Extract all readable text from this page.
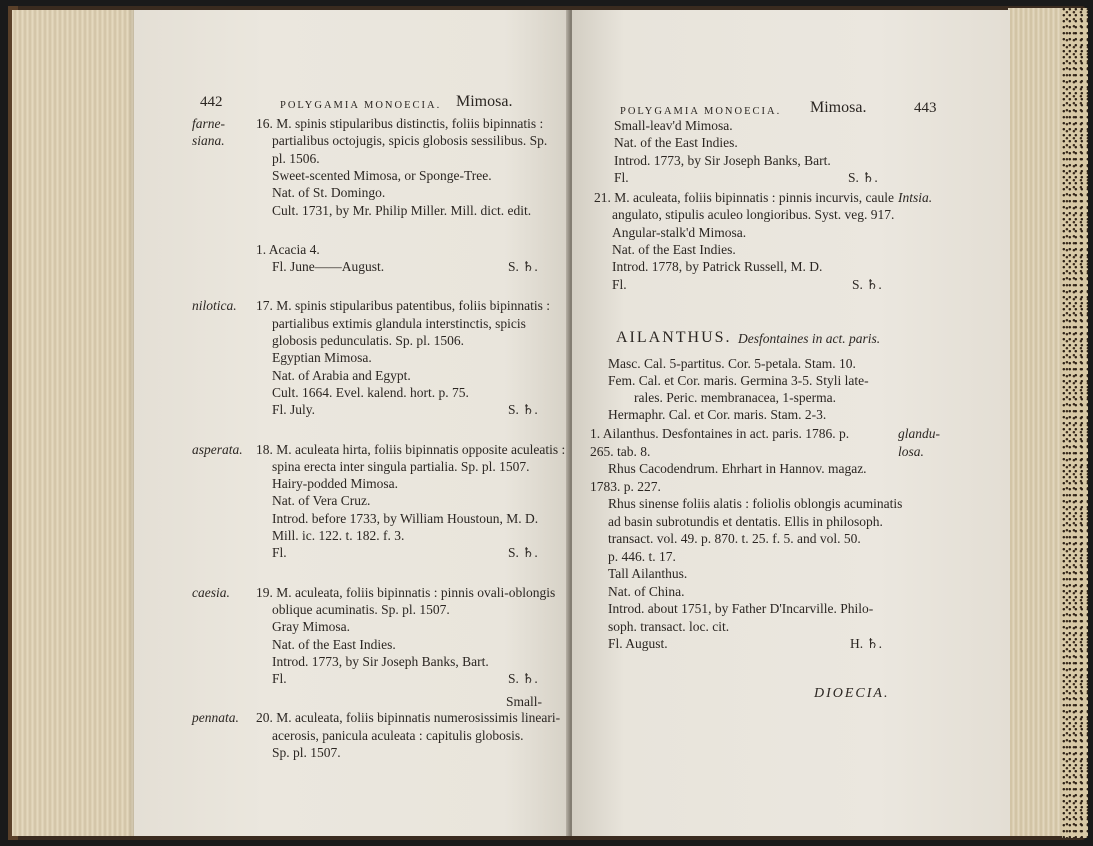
442	POLYGAMIA MONOECIA. Mimosa.
16. M. spinis stipularibus distinctis, foliis bipinnatis :
farne-
partialibus octojugis, spicis globosis sessilibus. Sp.
siana.
pl. 1506.
Sweet-scented Mimosa, or Sponge-Tree.
Nat. of St. Domingo.
Cult. 1731, by Mr. Philip Miller. Mill. dict. edit.
1. Acacia 4.
Fl. June——August.	S. ♄.
17. M. spinis stipularibus patentibus, foliis bipinnatis :
nilotica.
partialibus extimis glandula interstinctis, spicis
globosis pedunculatis. Sp. pl. 1506.
Egyptian Mimosa.
Nat. of Arabia and Egypt.
Cult. 1664. Evel. kalend. hort. p. 75.
Fl. July.	S. ♄.
18. M. aculeata hirta, foliis bipinnatis opposite aculeatis :
asperata.
spina erecta inter singula partialia. Sp. pl. 1507.
Hairy-podded Mimosa.
Nat. of Vera Cruz.
Introd. before 1733, by William Houstoun, M. D.
Mill. ic. 122. t. 182. f. 3.
Fl.	S. ♄.
19. M. aculeata, foliis bipinnatis : pinnis ovali-oblongis
caesia.
oblique acuminatis. Sp. pl. 1507.
Gray Mimosa.
Nat. of the East Indies.
Introd. 1773, by Sir Joseph Banks, Bart.
Fl.	S. ♄.
20. M. aculeata, foliis bipinnatis numerosissimis lineari-
pennata.
acerosis, panicula aculeata : capitulis globosis.
Sp. pl. 1507.
Small-
POLYGAMIA MONOECIA. Mimosa.	443
Small-leav'd Mimosa.
Nat. of the East Indies.
Introd. 1773, by Sir Joseph Banks, Bart.
Fl.	S. ♄.
21. M. aculeata, foliis bipinnatis : pinnis incurvis, caule Intsia.
angulato, stipulis aculeo longioribus. Syst. veg. 917.
Angular-stalk'd Mimosa.
Nat. of the East Indies.
Introd. 1778, by Patrick Russell, M. D.
Fl.	S. ♄.
AILANTHUS. Desfontaines in act. paris.
Masc. Cal. 5-partitus. Cor. 5-petala. Stam. 10.
Fem. Cal. et Cor. maris. Germina 3-5. Styli late-
rales. Peric. membranacea, 1-sperma.
Hermaphr. Cal. et Cor. maris. Stam. 2-3.
1. Ailanthus. Desfontaines in act. paris. 1786. p.	glandu-
265. tab. 8.	losa.
Rhus Cacodendrum. Ehrhart in Hannov. magaz.
1783. p. 227.
Rhus sinense foliis alatis : foliolis oblongis acuminatis
ad basin subrotundis et dentatis. Ellis in philosoph.
transact. vol. 49. p. 870. t. 25. f. 5. and vol. 50.
p. 446. t. 17.
Tall Ailanthus.
Nat. of China.
Introd. about 1751, by Father D'Incarville. Philo-
soph. transact. loc. cit.
Fl. August.	H. ♄.
DIOECIA.
